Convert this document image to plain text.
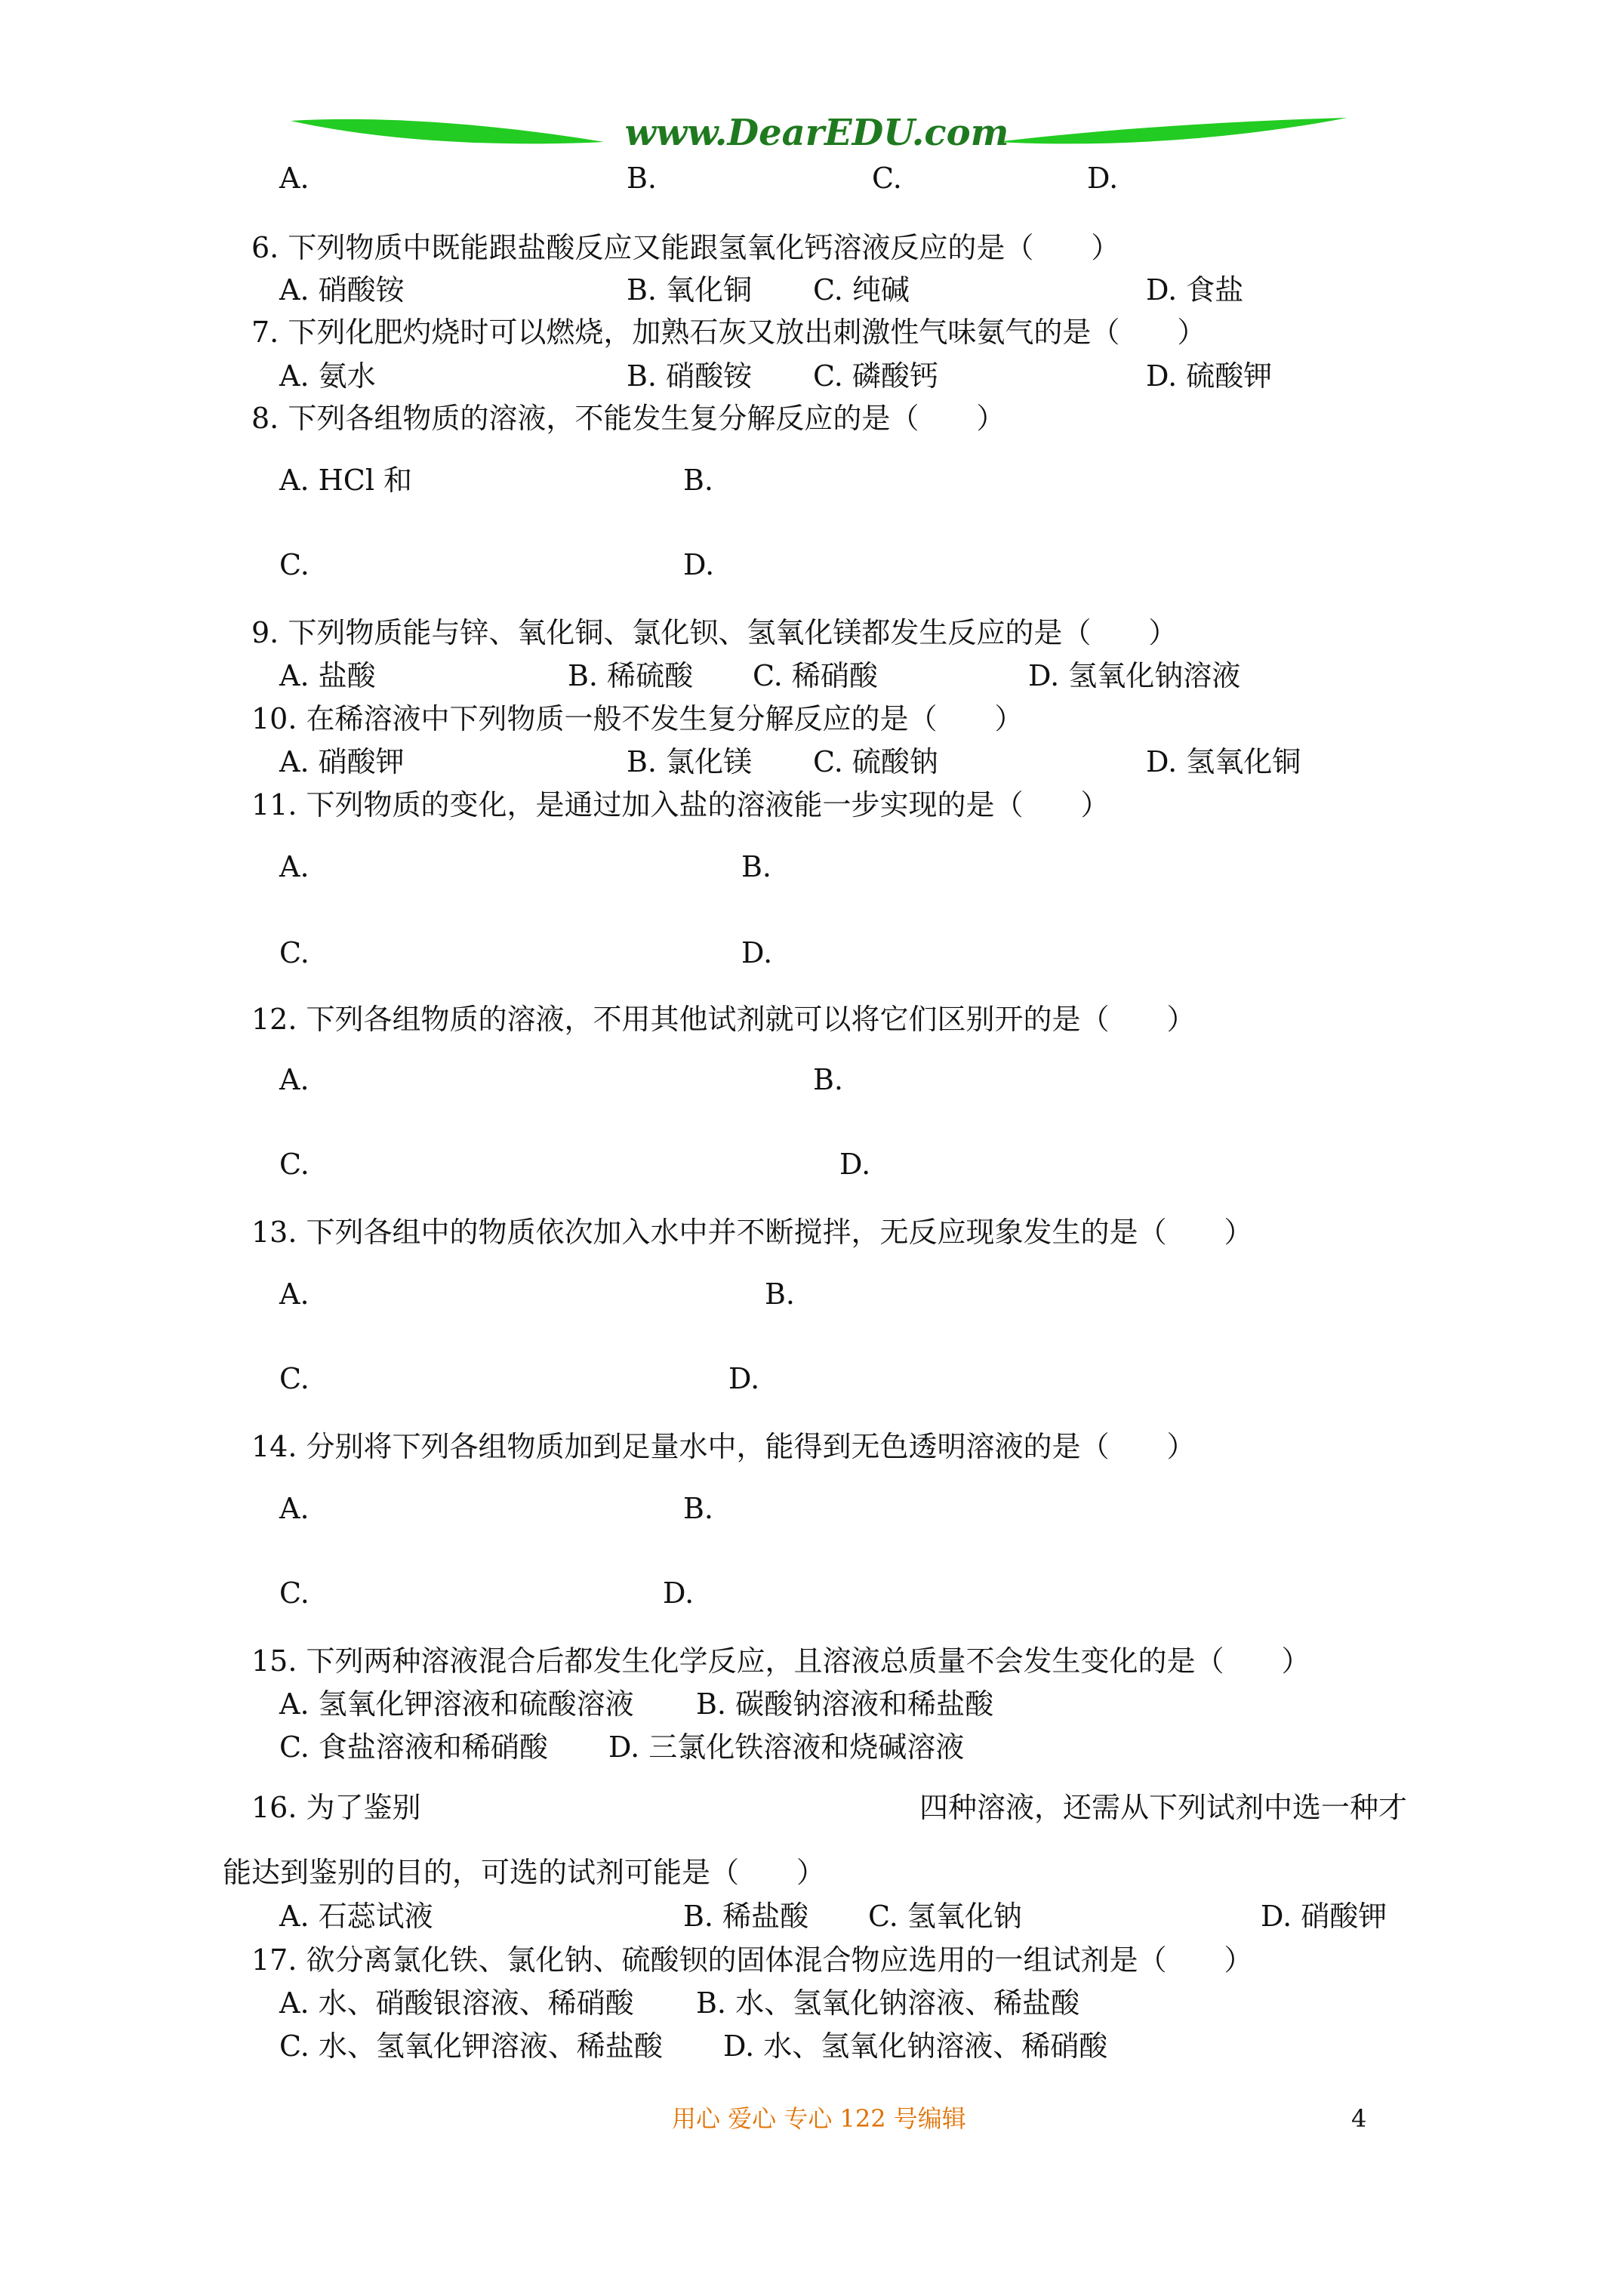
www.DearEDU.com
A.	B.	C.	D.
6. 下列物质中既能跟盐酸反应又能跟氢氧化钙溶液反应的是（　　）
A. 硝酸铵	B. 氧化铜 C. 纯碱	D. 食盐
7. 下列化肥灼烧时可以燃烧，加熟石灰又放出刺激性气味氨气的是（　　）
A. 氨水	B. 硝酸铵 C. 磷酸钙	D. 硫酸钾
8. 下列各组物质的溶液，不能发生复分解反应的是（　　）
A. HCl 和	B.
C.	D.
9. 下列物质能与锌、氧化铜、氯化钡、氢氧化镁都发生反应的是（　　）
A. 盐酸	B. 稀硫酸 C. 稀硝酸	D. 氢氧化钠溶液
10. 在稀溶液中下列物质一般不发生复分解反应的是（　　）
A. 硝酸钾	B. 氯化镁 C. 硫酸钠	D. 氢氧化铜
11. 下列物质的变化，是通过加入盐的溶液能一步实现的是（　　）
A.	B.
C.	D.
12. 下列各组物质的溶液，不用其他试剂就可以将它们区别开的是（　　）
A.	B.
C.	D.
13. 下列各组中的物质依次加入水中并不断搅拌，无反应现象发生的是（　　）
A.	B.
C.	D.
14. 分别将下列各组物质加到足量水中，能得到无色透明溶液的是（　　）
A.	B.
C.	D.
15. 下列两种溶液混合后都发生化学反应，且溶液总质量不会发生变化的是（　　）
A. 氢氧化钾溶液和硫酸溶液 B. 碳酸钠溶液和稀盐酸
C. 食盐溶液和稀硝酸 D. 三氯化铁溶液和烧碱溶液
16. 为了鉴别	四种溶液，还需从下列试剂中选一种才
能达到鉴别的目的，可选的试剂可能是（　　）
A. 石蕊试液	B. 稀盐酸 C. 氢氧化钠	D. 硝酸钾
17. 欲分离氯化铁、氯化钠、硫酸钡的固体混合物应选用的一组试剂是（　　）
A. 水、硝酸银溶液、稀硝酸 B. 水、氢氧化钠溶液、稀盐酸
C. 水、氢氧化钾溶液、稀盐酸 D. 水、氢氧化钠溶液、稀硝酸
用心 爱心 专心 122 号编辑	4
